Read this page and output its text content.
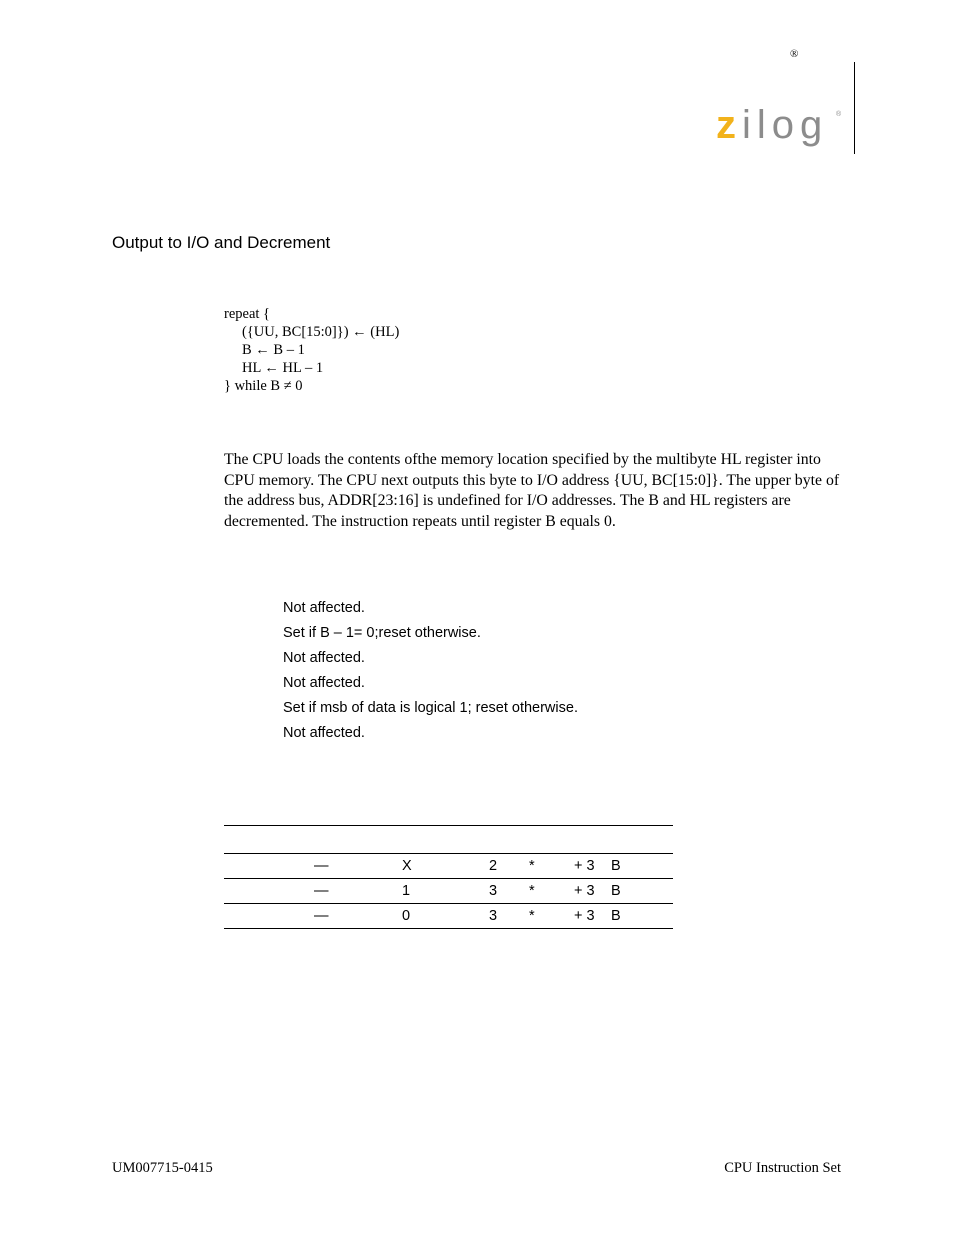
®
z ilog ®
Output to I/O and Decrement
repeat {
({UU, BC[15:0]}) ← (HL)
B ← B – 1
HL ← HL – 1
} while B ≠ 0
The CPU loads the contents ofthe memory location specified by the multibyte HL register into CPU memory. The CPU next outputs this byte to I/O address {UU, BC[15:0]}. The upper byte of the address bus, ADDR[23:16] is undefined for I/O addresses. The B and HL registers are decremented. The instruction repeats until register B equals 0.
Not affected.
Set if B – 1= 0;reset otherwise.
Not affected.
Not affected.
Set if msb of data is logical 1; reset otherwise.
Not affected.
—	X	2 *	+ 3 B
—	1	3 *	+ 3 B
—	0	3 *	+ 3 B
UM007715-0415	CPU Instruction Set
